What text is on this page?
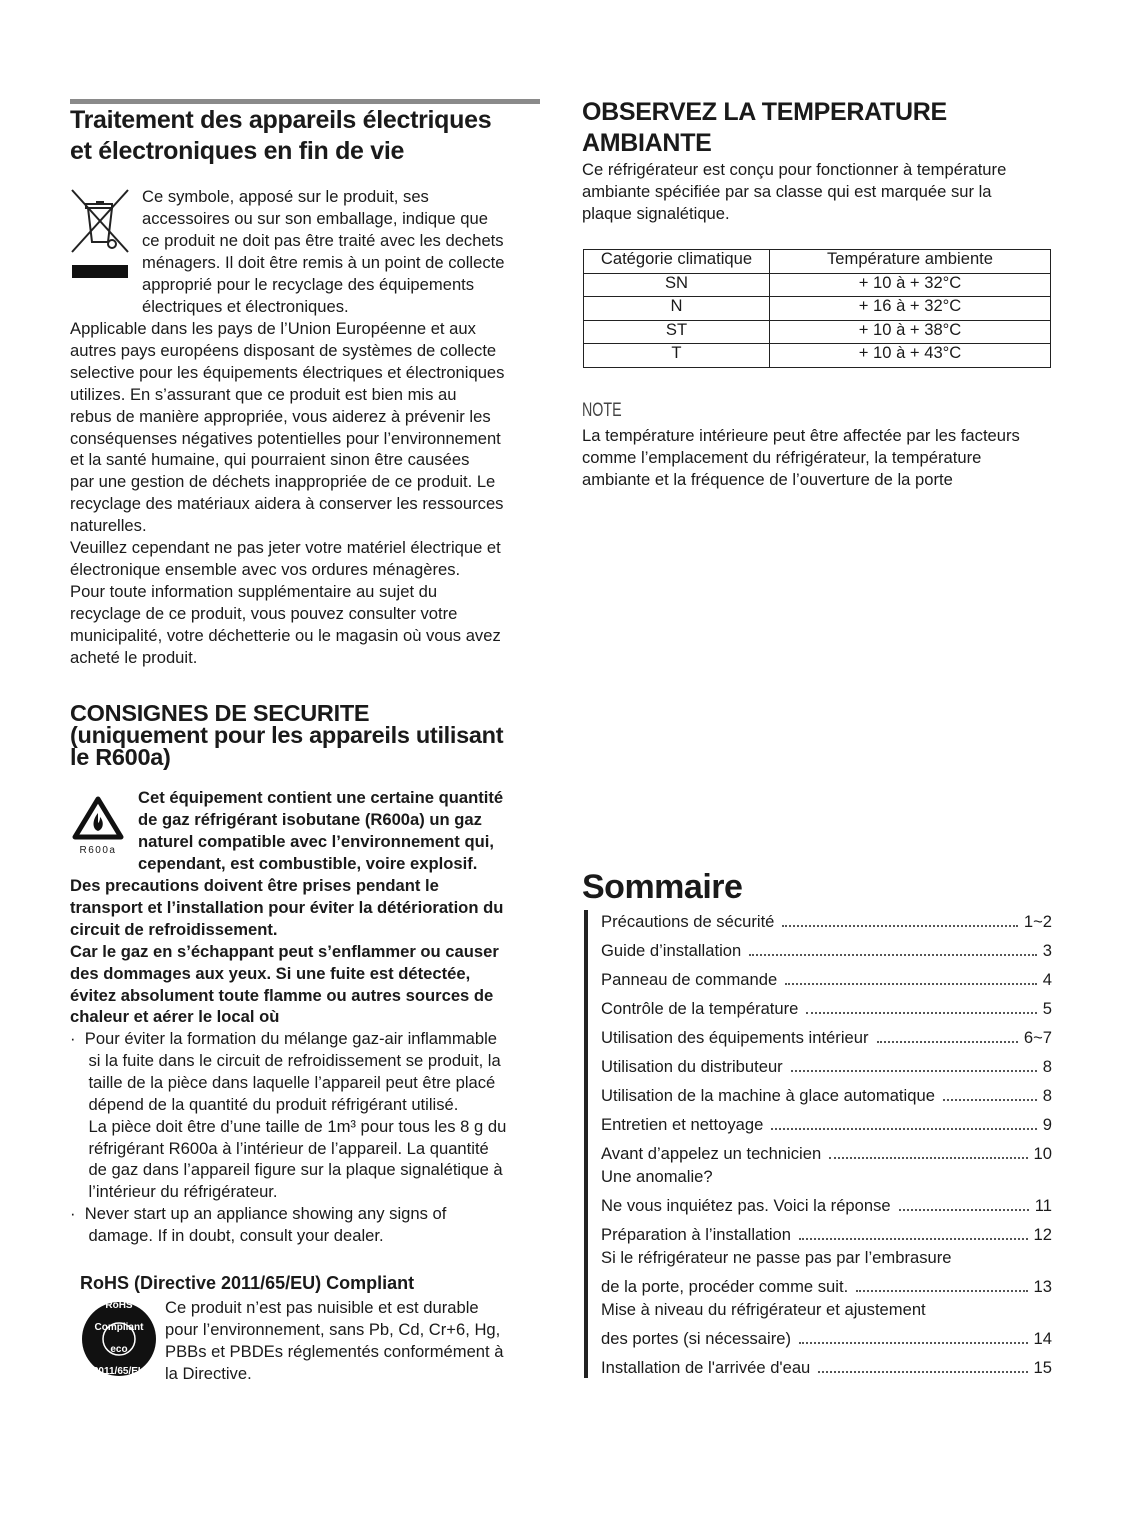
Traitement des appareils électriques
et électroniques en fin de vie
Ce symbole, apposé sur le produit, ses
accessoires ou sur son emballage, indique que
ce produit ne doit pas être traité avec les dechets
ménagers. Il doit être remis à un point de collecte
approprié pour le recyclage des équipements
électriques et électroniques.
Applicable dans les pays de l’Union Européenne et aux
autres pays européens disposant de systèmes de collecte
selective pour les équipements électriques et électroniques
utilizes. En s’assurant que ce produit est bien mis au
rebus de manière appropriée, vous aiderez à prévenir les
conséquenses négatives potentielles pour l’environnement
et la santé humaine, qui pourraient sinon être causées
par une gestion de déchets inappropriée de ce produit. Le
recyclage des matériaux aidera à conserver les ressources
naturelles.
Veuillez cependant ne pas jeter votre matériel électrique et
électronique ensemble avec vos ordures ménagères.
Pour toute information supplémentaire au sujet du
recyclage de ce produit, vous pouvez consulter votre
municipalité, votre déchetterie ou le magasin où vous avez
acheté le produit.
CONSIGNES DE SECURITE
(uniquement pour les appareils utilisant
le R600a)
R600a
Cet équipement contient une certaine quantité
de gaz réfrigérant isobutane (R600a) un gaz
naturel compatible avec l’environnement qui,
cependant, est combustible, voire explosif.
Des precautions doivent être prises pendant le
transport et l’installation pour éviter la détérioration du
circuit de refroidissement.
Car le gaz en s’échappant peut s’enflammer ou causer
des dommages aux yeux. Si une fuite est détectée,
évitez absolument toute flamme ou autres sources de
chaleur et aérer le local où
·  Pour éviter la formation du mélange gaz-air inflammable
si la fuite dans le circuit de refroidissement se produit, la
taille de la pièce dans laquelle l’appareil peut être placé
dépend de la quantité du produit réfrigérant utilisé.
La pièce doit être d’une taille de 1m³ pour tous les 8 g du
réfrigérant R600a à l’intérieur de l’appareil. La quantité
de gaz dans l’appareil figure sur la plaque signalétique à
l’intérieur du réfrigérateur.
·  Never start up an appliance showing any signs of
damage. If in doubt, consult your dealer.
RoHS (Directive 2011/65/EU) Compliant
RoHS Compliant eco 2011/65/EU
Ce produit n’est pas nuisible et est durable
pour l’environnement, sans Pb, Cd, Cr+6, Hg,
PBBs et PBDEs réglementés conformément à
la Directive.
OBSERVEZ LA TEMPERATURE
AMBIANTE
Ce réfrigérateur est conçu pour fonctionner à température
ambiante spécifiée par sa classe qui est marquée sur la
plaque signalétique.
Catégorie climatique	Température ambiente
SN	+ 10 à + 32°C
N	+ 16 à + 32°C
ST	+ 10 à + 38°C
T	+ 10 à + 43°C
NOTE
La température intérieure peut être affectée par les facteurs
comme l’emplacement du réfrigérateur, la température
ambiante et la fréquence de l’ouverture de la porte
Sommaire
Précautions de sécurité	1~2
Guide d’installation	3
Panneau de commande	4
Contrôle de la température	5
Utilisation des équipements intérieur	6~7
Utilisation du distributeur	8
Utilisation de la machine à glace automatique	8
Entretien et nettoyage	9
Avant d’appelez un technicien	10
Une anomalie?
Ne vous inquiétez pas. Voici la réponse	11
Préparation à l’installation	12
Si le réfrigérateur ne passe pas par l’embrasure
de la porte, procéder comme suit.	13
Mise à niveau du réfrigérateur et ajustement
des portes (si nécessaire)	14
Installation de l'arrivée d'eau	15
